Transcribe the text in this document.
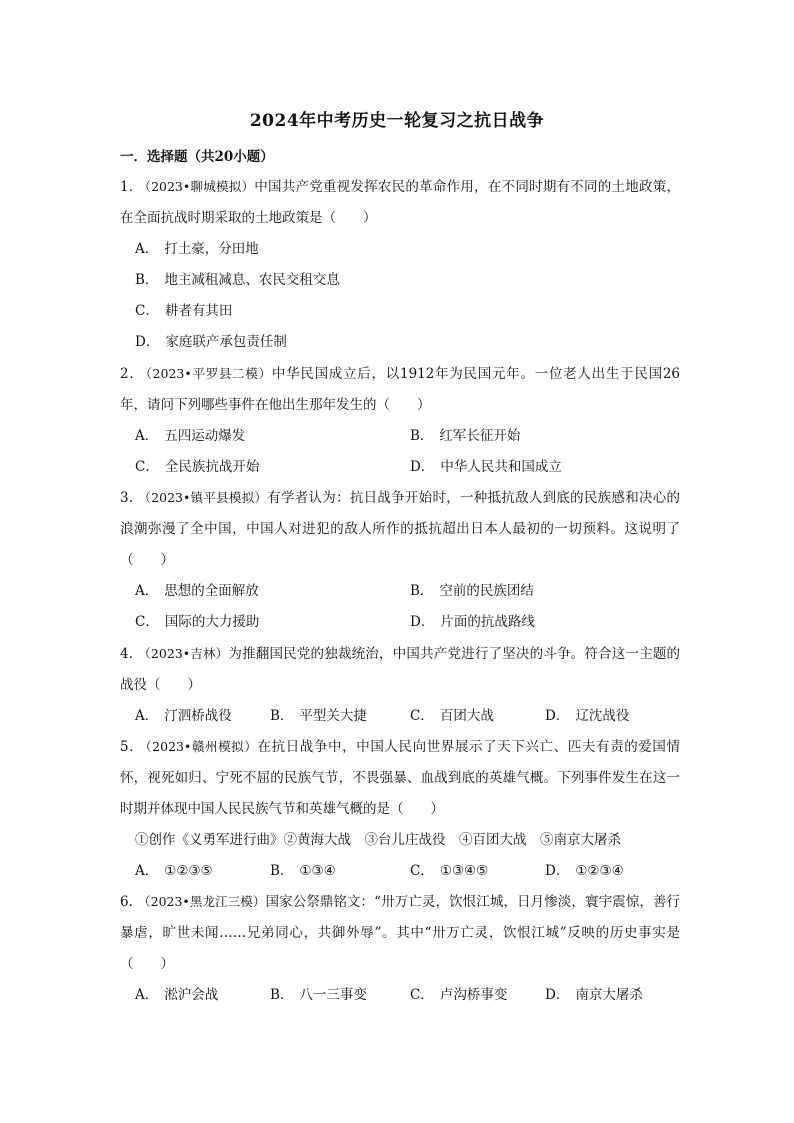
2024年中考历史一轮复习之抗日战争
一．选择题（共20小题）
1． （2023•聊城模拟）中国共产党重视发挥农民的革命作用，在不同时期有不同的土地政策，在全面抗战时期采取的土地政策是（　　）
A． 打土豪，分田地
B． 地主减租减息、农民交租交息
C． 耕者有其田
D． 家庭联产承包责任制
2． （2023•平罗县二模）中华民国成立后，以1912年为民国元年。一位老人出生于民国26年，请问下列哪些事件在他出生那年发生的（　　）
A． 五四运动爆发	B． 红军长征开始
C． 全民族抗战开始	D． 中华人民共和国成立
3． （2023•镇平县模拟）有学者认为：抗日战争开始时，一种抵抗敌人到底的民族感和决心的浪潮弥漫了全中国，中国人对进犯的敌人所作的抵抗超出日本人最初的一切预料。这说明了（　　）
A． 思想的全面解放	B． 空前的民族团结
C． 国际的大力援助	D． 片面的抗战路线
4． （2023•吉林）为推翻国民党的独裁统治，中国共产党进行了坚决的斗争。符合这一主题的战役（　　）
A． 汀泗桥战役	B． 平型关大捷	C． 百团大战	D． 辽沈战役
5． （2023•赣州模拟）在抗日战争中，中国人民向世界展示了天下兴亡、匹夫有责的爱国情怀，视死如归、宁死不屈的民族气节，不畏强暴、血战到底的英雄气概。下列事件发生在这一时期并体现中国人民民族气节和英雄气概的是（　　）
①创作《义勇军进行曲》②黄海大战　③台儿庄战役　④百团大战　⑤南京大屠杀
A． ①②③⑤	B． ①③④	C． ①③④⑤	D． ①②③④
6． （2023•黑龙江三模）国家公祭鼎铭文：“卅万亡灵，饮恨江城，日月惨淡，寰宇震惊，善行暴虐，旷世未闻……兄弟同心，共御外辱”。其中“卅万亡灵，饮恨江城”反映的历史事实是（　　）
A． 淞沪会战	B． 八一三事变	C． 卢沟桥事变	D． 南京大屠杀
